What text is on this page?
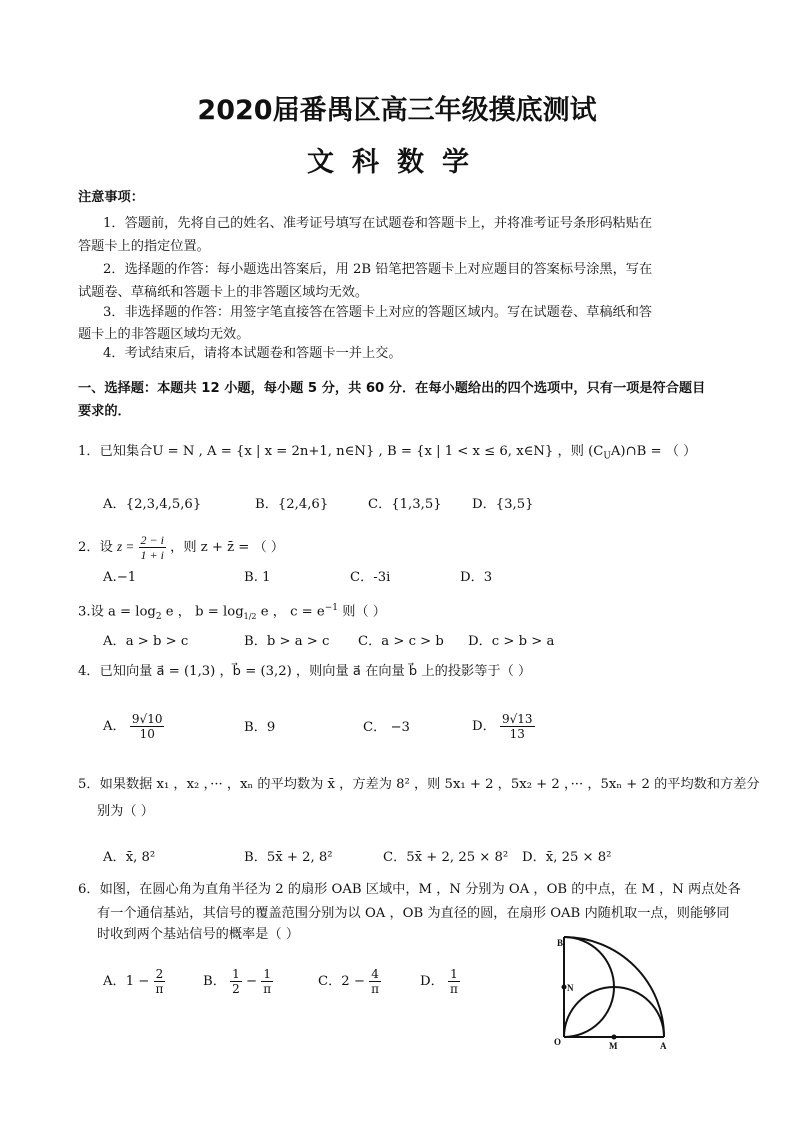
2020届番禺区高三年级摸底测试
文科数学
注意事项：
1．答题前，先将自己的姓名、准考证号填写在试题卷和答题卡上，并将准考证号条形码粘贴在
答题卡上的指定位置。
2．选择题的作答：每小题选出答案后，用 2B 铅笔把答题卡上对应题目的答案标号涂黑，写在
试题卷、草稿纸和答题卡上的非答题区域均无效。
3．非选择题的作答：用签字笔直接答在答题卡上对应的答题区域内。写在试题卷、草稿纸和答
题卡上的非答题区域均无效。
4．考试结束后，请将本试题卷和答题卡一并上交。
一、选择题：本题共 12 小题，每小题 5 分，共 60 分．在每小题给出的四个选项中，只有一项是符合题目
要求的．
1．已知集合U = N , A = {x | x = 2n+1, n∈N} , B = {x | 1 < x ≤ 6, x∈N} ，则 $(C_UA)\cap B$ = （ ）
A．{2,3,4,5,6}	B．{2,4,6}	C．{1,3,5} D．{3,5}
2．设 $z = \frac{2 - i}{1 + i}$ ，则 z + z̄ = （ ）
A.−1	B. 1	C．-3i	D．3
3.设 $a = \log_2 e$ ， $b = \log_{1/2} e$ ， $c = e^{-1}$ 则（ ）
A．a > b > c	B．b > a > c C．a > c > b D．c > b > a
4．已知向量 a⃗ = (1,3) ，b⃗ = (3,2) ，则向量 a⃗ 在向量 b⃗ 上的投影等于（ ）
A． $\frac{9√10}{10}$	B．9	C． −3	D． $\frac{9√13}{13}$
5．如果数据 x₁ ，x₂ ，··· ，xₙ 的平均数为 x̄ ，方差为 8² ，则 5x₁ + 2 ，5x₂ + 2 ，··· ，5xₙ + 2 的平均数和方差分
别为（ ）
A．x̄, 8²	B．5x̄ + 2, 8²	C．5x̄ + 2, 25 × 8² D．x̄, 25 × 8²
6．如图，在圆心角为直角半径为 2 的扇形 OAB 区域中，M ，N 分别为 OA ，OB 的中点，在 M ，N 两点处各
有一个通信基站，其信号的覆盖范围分别为以 OA ，OB 为直径的圆，在扇形 OAB 内随机取一点，则能够同
时收到两个基站信号的概率是（ ）
A．$1 - \frac{2}{\pi}$	B． $\frac{1}{2} - \frac{1}{\pi}$	C．$2 - \frac{4}{\pi}$	D． $\frac{1}{\pi}$
B
N
O	M	A
